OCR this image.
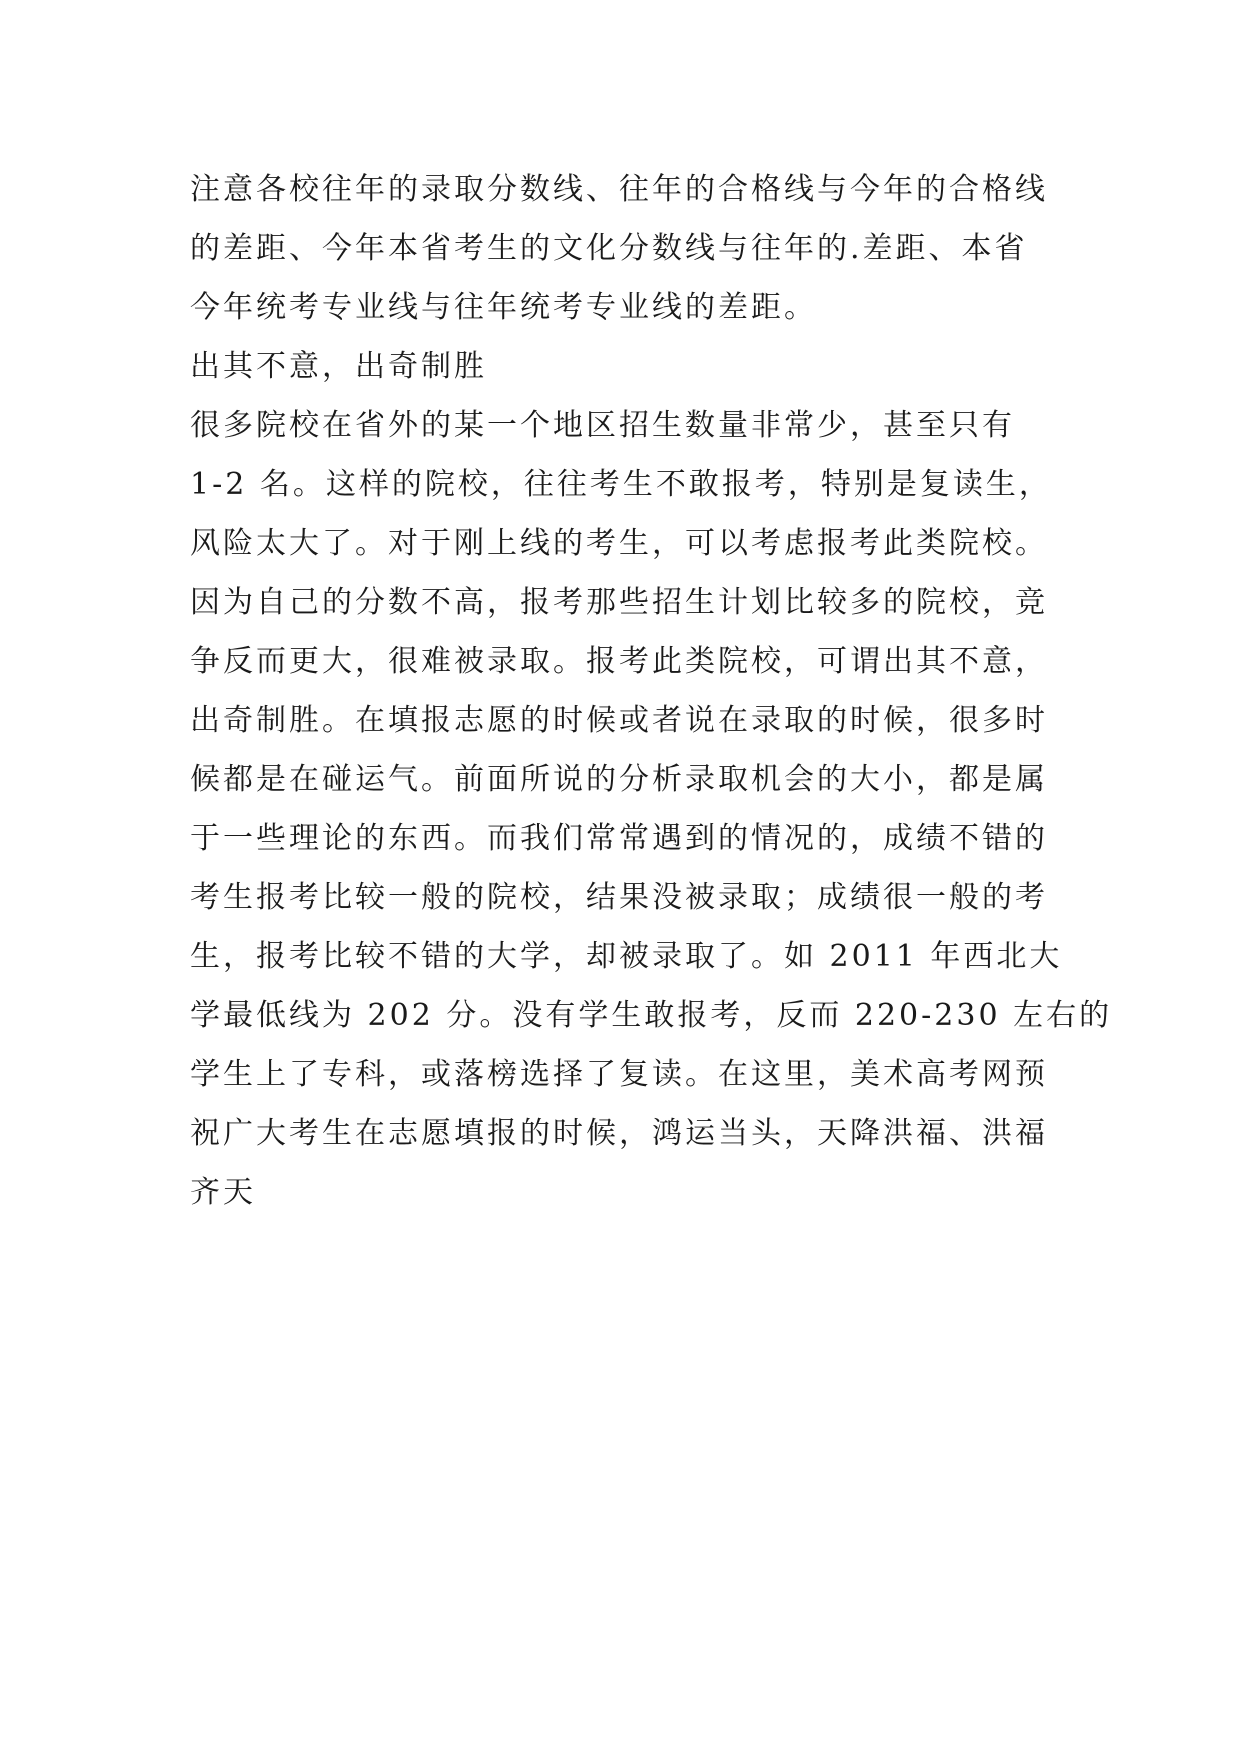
注意各校往年的录取分数线、往年的合格线与今年的合格线
的差距、今年本省考生的文化分数线与往年的.差距、本省
今年统考专业线与往年统考专业线的差距。
出其不意，出奇制胜
很多院校在省外的某一个地区招生数量非常少，甚至只有
1-2 名。这样的院校，往往考生不敢报考，特别是复读生，
风险太大了。对于刚上线的考生，可以考虑报考此类院校。
因为自己的分数不高，报考那些招生计划比较多的院校，竞
争反而更大，很难被录取。报考此类院校，可谓出其不意，
出奇制胜。在填报志愿的时候或者说在录取的时候，很多时
候都是在碰运气。前面所说的分析录取机会的大小，都是属
于一些理论的东西。而我们常常遇到的情况的，成绩不错的
考生报考比较一般的院校，结果没被录取；成绩很一般的考
生，报考比较不错的大学，却被录取了。如 2011 年西北大
学最低线为 202 分。没有学生敢报考，反而 220-230 左右的
学生上了专科，或落榜选择了复读。在这里，美术高考网预
祝广大考生在志愿填报的时候，鸿运当头，天降洪福、洪福
齐天
